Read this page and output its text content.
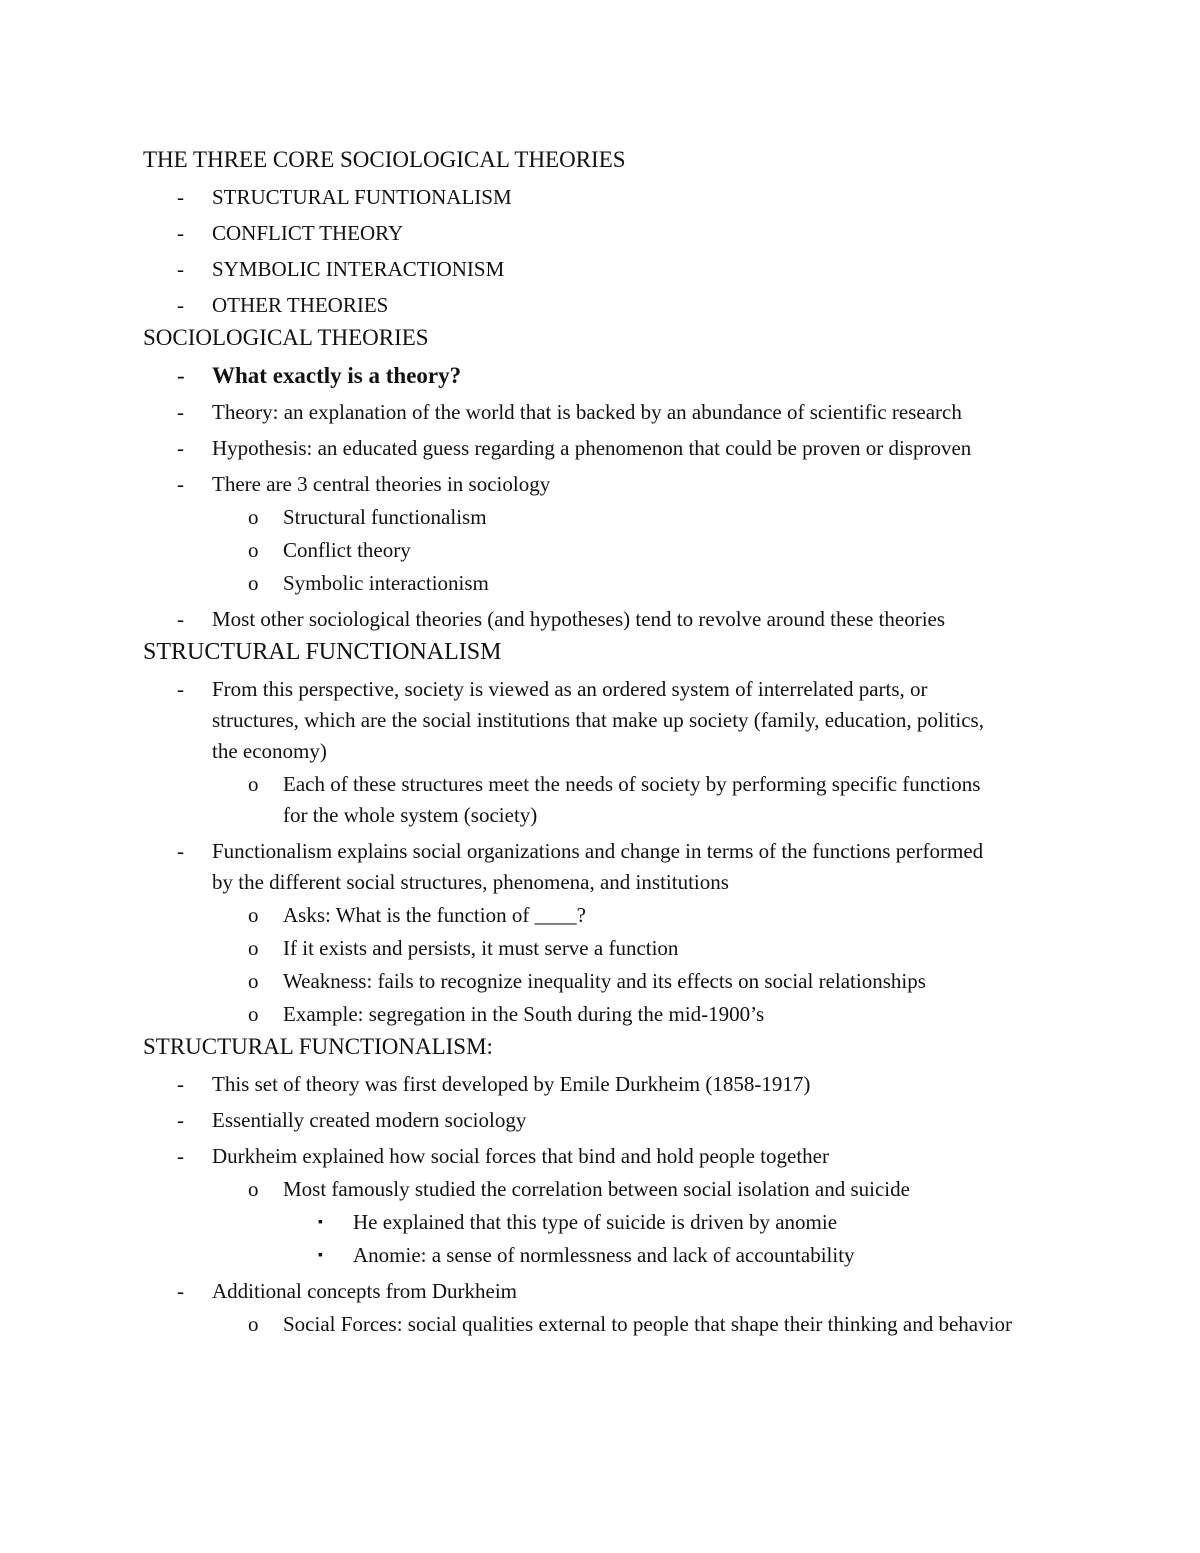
THE THREE CORE SOCIOLOGICAL THEORIES
-	STRUCTURAL FUNTIONALISM
-	CONFLICT THEORY
-	SYMBOLIC INTERACTIONISM
-	OTHER THEORIES
SOCIOLOGICAL THEORIES
-	What exactly is a theory?
-	Theory: an explanation of the world that is backed by an abundance of scientific research
-	Hypothesis: an educated guess regarding a phenomenon that could be proven or disproven
-	There are 3 central theories in sociology
o	Structural functionalism
o	Conflict theory
o	Symbolic interactionism
-	Most other sociological theories (and hypotheses) tend to revolve around these theories
STRUCTURAL FUNCTIONALISM
-	From this perspective, society is viewed as an ordered system of interrelated parts, or structures, which are the social institutions that make up society (family, education, politics, the economy)
o	Each of these structures meet the needs of society by performing specific functions for the whole system (society)
-	Functionalism explains social organizations and change in terms of the functions performed by the different social structures, phenomena, and institutions
o	Asks: What is the function of ____?
o	If it exists and persists, it must serve a function
o	Weakness: fails to recognize inequality and its effects on social relationships
o	Example: segregation in the South during the mid-1900’s
STRUCTURAL FUNCTIONALISM:
-	This set of theory was first developed by Emile Durkheim (1858-1917)
-	Essentially created modern sociology
-	Durkheim explained how social forces that bind and hold people together
o	Most famously studied the correlation between social isolation and suicide
▪	He explained that this type of suicide is driven by anomie
▪	Anomie: a sense of normlessness and lack of accountability
-	Additional concepts from Durkheim
o	Social Forces: social qualities external to people that shape their thinking and behavior
